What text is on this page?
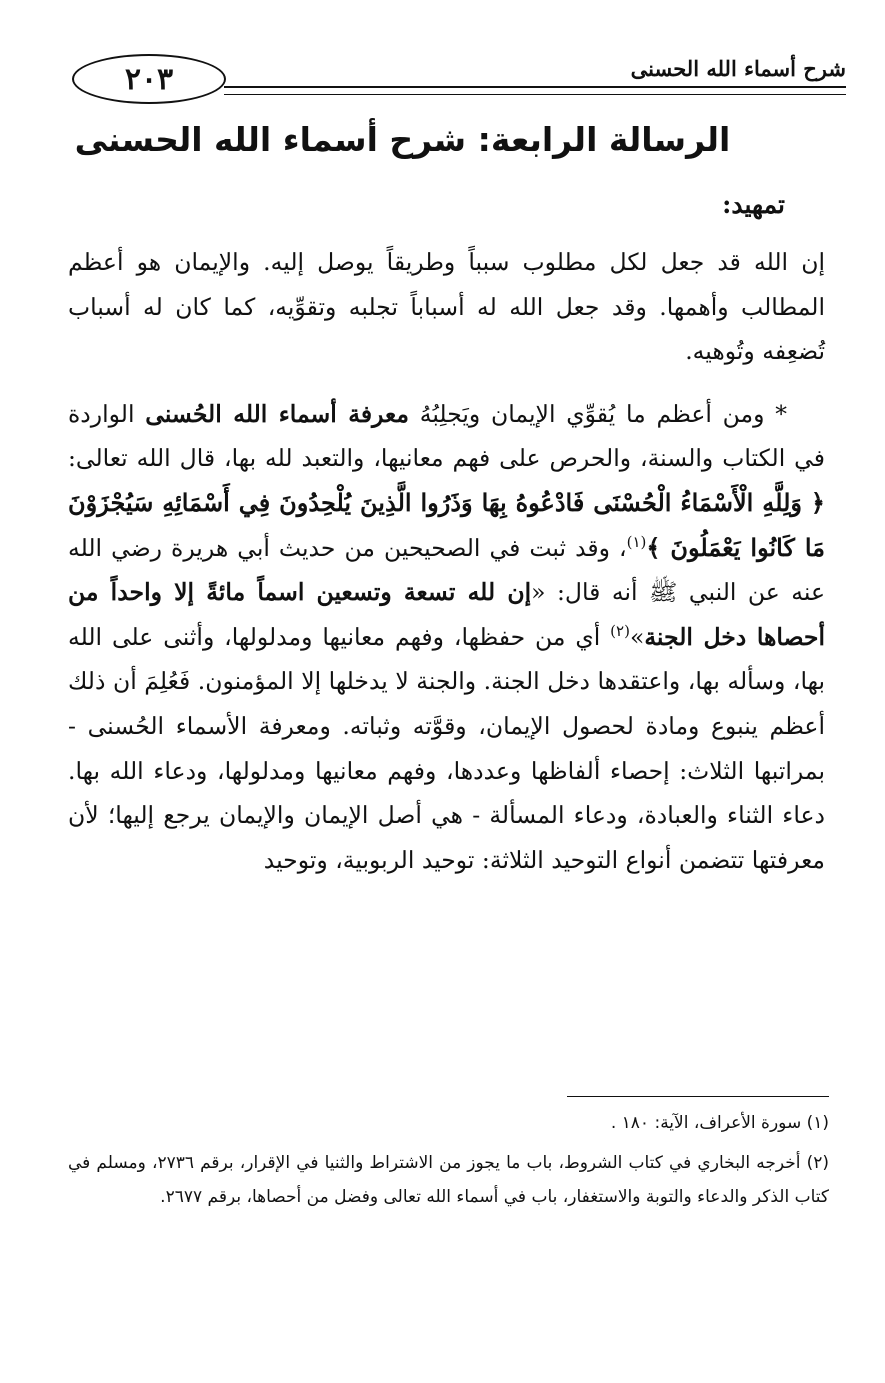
٢٠٣	شرح أسماء الله الحسنى
الرسالة الرابعة: شرح أسماء الله الحسنى
تمهيد:

إن الله قد جعل لكل مطلوب سبباً وطريقاً يوصل إليه. والإيمان هو أعظم المطالب وأهمها. وقد جعل الله له أسباباً تجلبه وتقوِّيه، كما كان له أسباب تُضعِفه وتُوهيه.

* ومن أعظم ما يُقوِّي الإيمان ويَجلِبُهُ معرفة أسماء الله الحُسنى الواردة في الكتاب والسنة، والحرص على فهم معانيها، والتعبد لله بها، قال الله تعالى: ﴿ وَلِلَّهِ الْأَسْمَاءُ الْحُسْنَى فَادْعُوهُ بِهَا وَذَرُوا الَّذِينَ يُلْحِدُونَ فِي أَسْمَائِهِ سَيُجْزَوْنَ مَا كَانُوا يَعْمَلُونَ ﴾$^{(١)}$، وقد ثبت في الصحيحين من حديث أبي هريرة رضي الله عنه عن النبي ﷺ أنه قال: «إن لله تسعة وتسعين اسماً مائةً إلا واحداً من أحصاها دخل الجنة»$^{(٢)}$ أي من حفظها، وفهم معانيها ومدلولها، وأثنى على الله بها، وسأله بها، واعتقدها دخل الجنة. والجنة لا يدخلها إلا المؤمنون. فَعُلِمَ أن ذلك أعظم ينبوع ومادة لحصول الإيمان، وقوَّته وثباته. ومعرفة الأسماء الحُسنى - بمراتبها الثلاث: إحصاء ألفاظها وعددها، وفهم معانيها ومدلولها، ودعاء الله بها. دعاء الثناء والعبادة، ودعاء المسألة - هي أصل الإيمان والإيمان يرجع إليها؛ لأن معرفتها تتضمن أنواع التوحيد الثلاثة: توحيد الربوبية، وتوحيد

(١) سورة الأعراف، الآية: ١٨٠ .

(٢) أخرجه البخاري في كتاب الشروط، باب ما يجوز من الاشتراط والثنيا في الإقرار، برقم ٢٧٣٦، ومسلم في كتاب الذكر والدعاء والتوبة والاستغفار، باب في أسماء الله تعالى وفضل من أحصاها، برقم ٢٦٧٧.
